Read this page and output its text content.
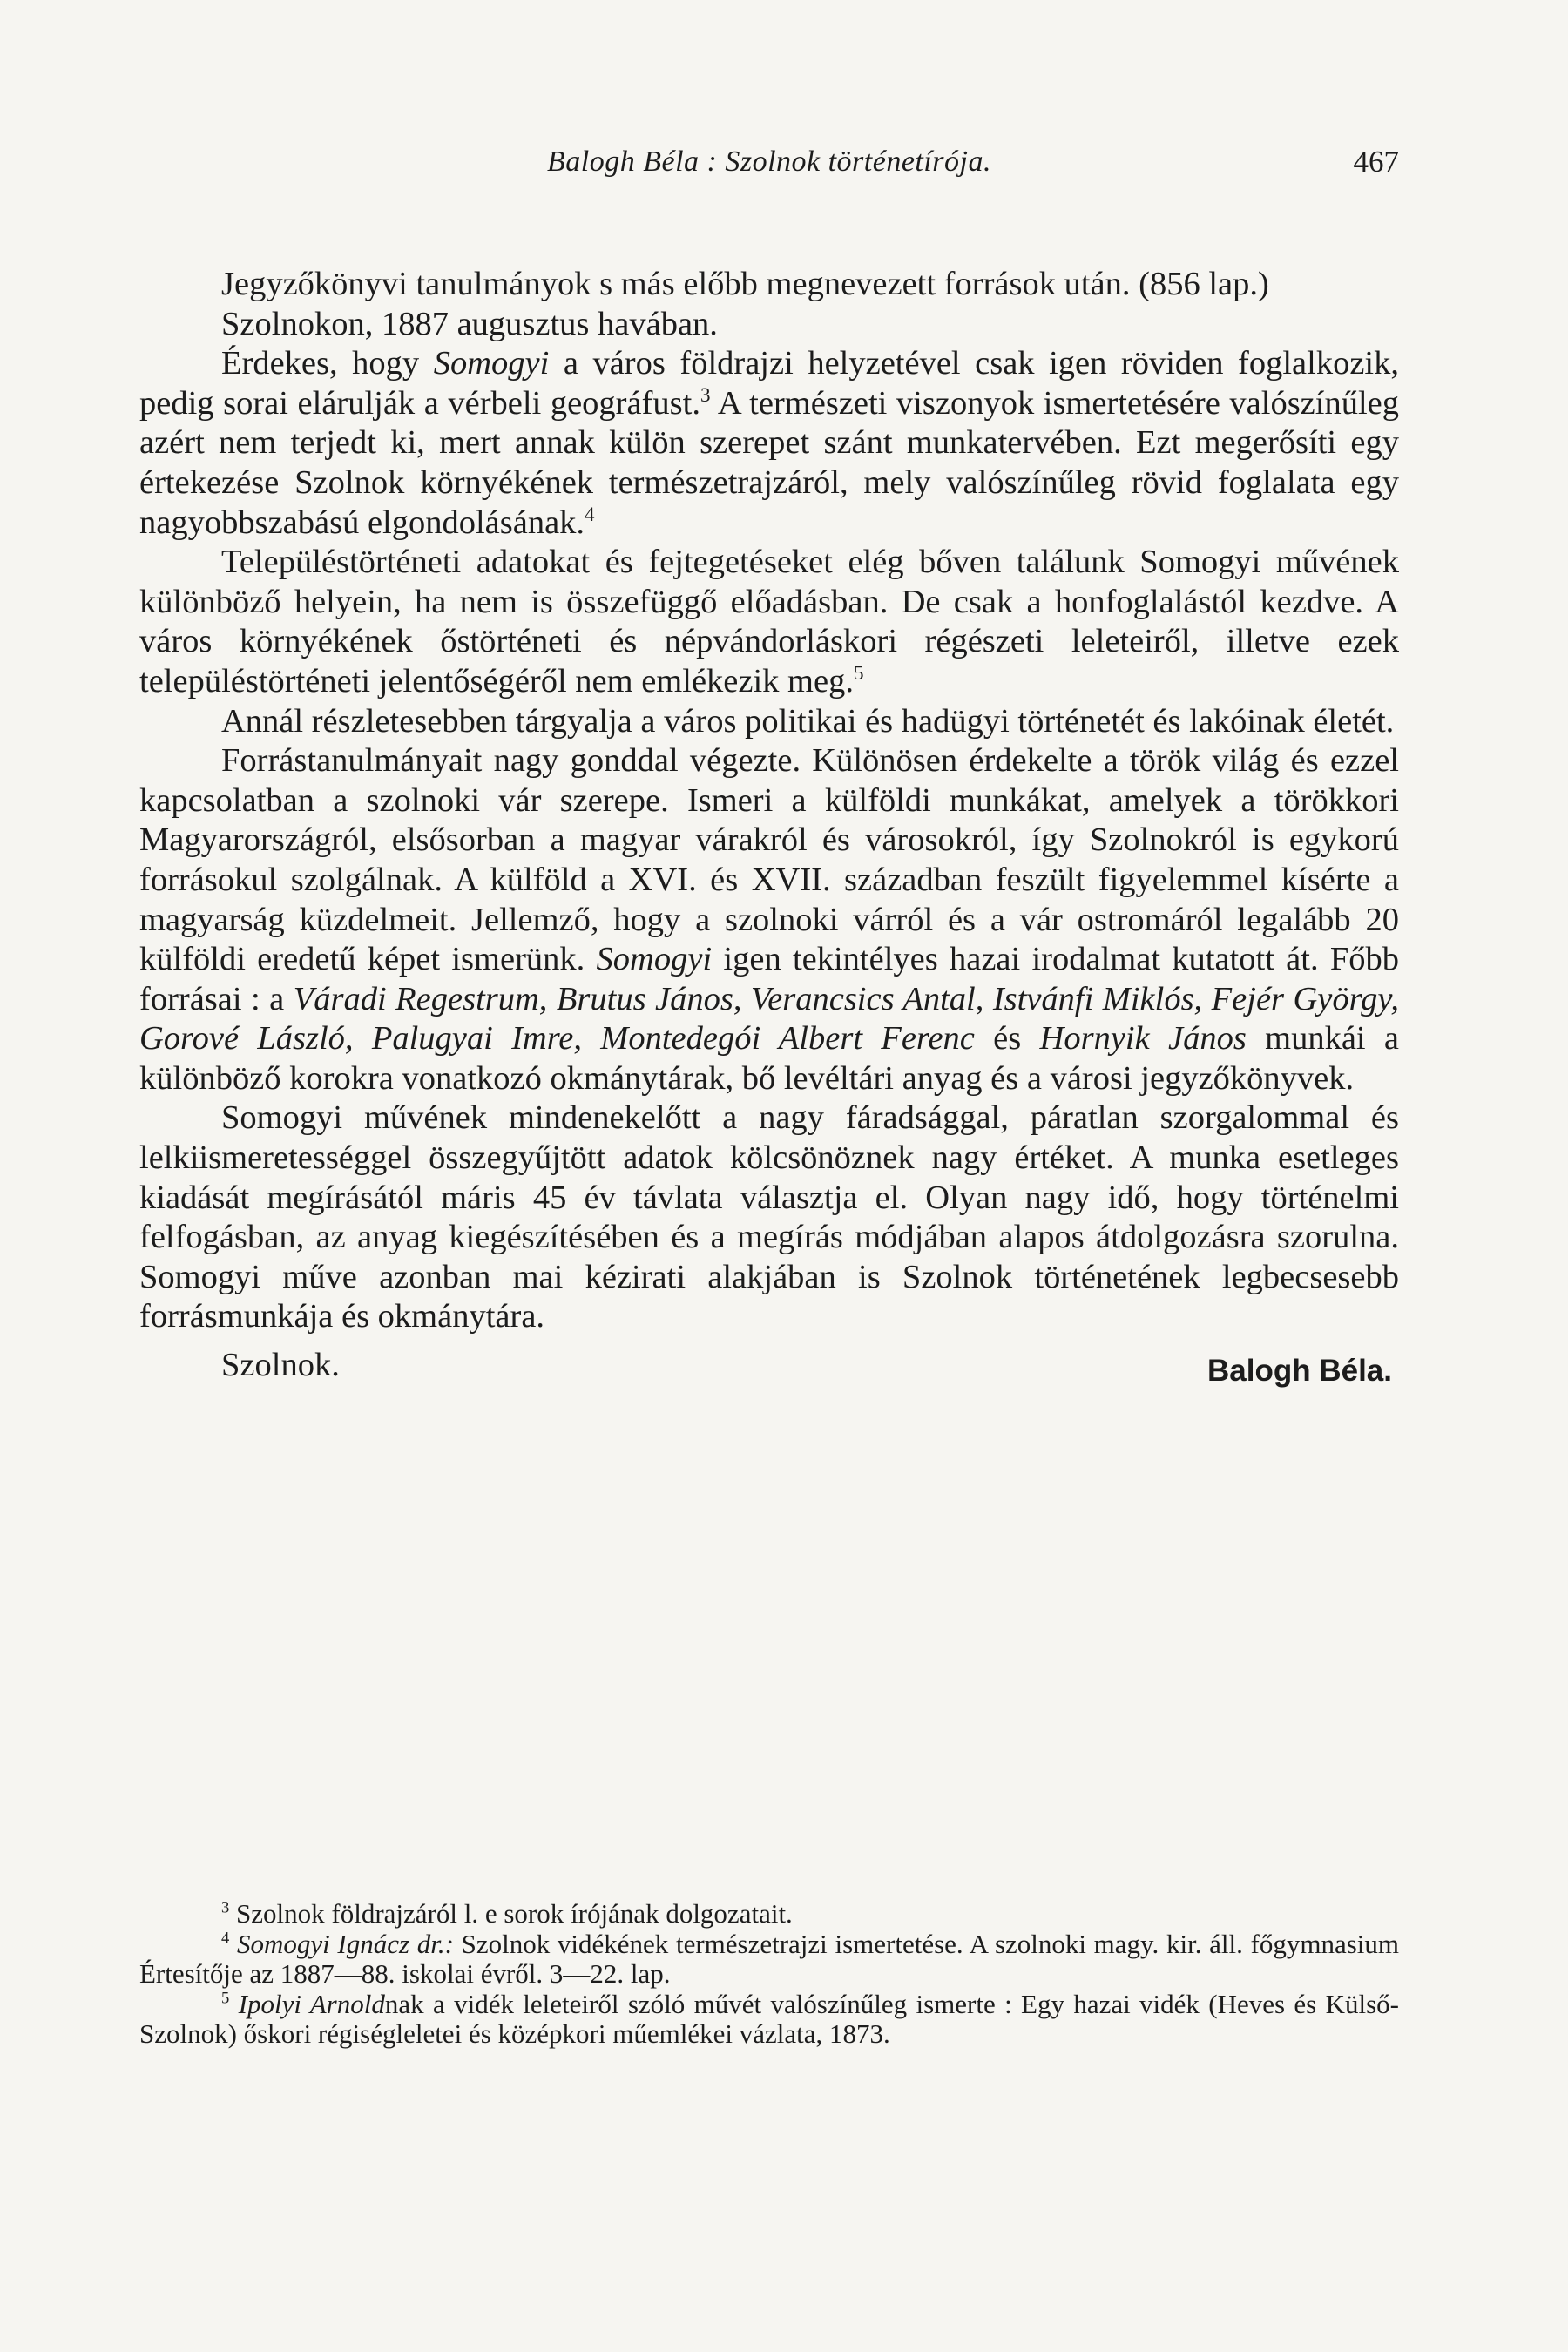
Balogh Béla : Szolnok történetírója.	467

Jegyzőkönyvi tanulmányok s más előbb megnevezett források után. (856 lap.)

Szolnokon, 1887 augusztus havában.

Érdekes, hogy Somogyi a város földrajzi helyzetével csak igen röviden foglalkozik, pedig sorai elárulják a vérbeli geográfust.$^3$ A természeti viszonyok ismertetésére valószínűleg azért nem terjedt ki, mert annak külön szerepet szánt munkatervében. Ezt megerősíti egy értekezése Szolnok környékének természetrajzáról, mely valószínűleg rövid foglalata egy nagyobbszabású elgondolásának.$^4$

Településtörténeti adatokat és fejtegetéseket elég bőven találunk Somogyi művének különböző helyein, ha nem is összefüggő előadásban. De csak a honfoglalástól kezdve. A város környékének őstörténeti és népvándorláskori régészeti leleteiről, illetve ezek településtörténeti jelentőségéről nem emlékezik meg.$^5$

Annál részletesebben tárgyalja a város politikai és hadügyi történetét és lakóinak életét.

Forrástanulmányait nagy gonddal végezte. Különösen érdekelte a török világ és ezzel kapcsolatban a szolnoki vár szerepe. Ismeri a külföldi munkákat, amelyek a törökkori Magyarországról, elsősorban a magyar várakról és városokról, így Szolnokról is egykorú forrásokul szolgálnak. A külföld a XVI. és XVII. században feszült figyelemmel kísérte a magyarság küzdelmeit. Jellemző, hogy a szolnoki várról és a vár ostromáról legalább 20 külföldi eredetű képet ismerünk. Somogyi igen tekintélyes hazai irodalmat kutatott át. Főbb forrásai : a Váradi Regestrum, Brutus János, Verancsics Antal, Istvánfi Miklós, Fejér György, Gorové László, Palugyai Imre, Montedegói Albert Ferenc és Hornyik János munkái a különböző korokra vonatkozó okmánytárak, bő levéltári anyag és a városi jegyzőkönyvek.

Somogyi művének mindenekelőtt a nagy fáradsággal, páratlan szorgalommal és lelkiismeretességgel összegyűjtött adatok kölcsönöznek nagy értéket. A munka esetleges kiadását megírásától máris 45 év távlata választja el. Olyan nagy idő, hogy történelmi felfogásban, az anyag kiegészítésében és a megírás módjában alapos átdolgozásra szorulna. Somogyi műve azonban mai kézirati alakjában is Szolnok történetének legbecsesebb forrásmunkája és okmánytára.

Szolnok.	Balogh Béla.

$^3$ Szolnok földrajzáról l. e sorok írójának dolgozatait.

$^4$ Somogyi Ignácz dr.: Szolnok vidékének természetrajzi ismertetése. A szolnoki magy. kir. áll. főgymnasium Értesítője az 1887—88. iskolai évről. 3—22. lap.

$^5$ Ipolyi Arnoldnak a vidék leleteiről szóló művét valószínűleg ismerte : Egy hazai vidék (Heves és Külső-Szolnok) őskori régiségleletei és középkori műemlékei vázlata, 1873.
